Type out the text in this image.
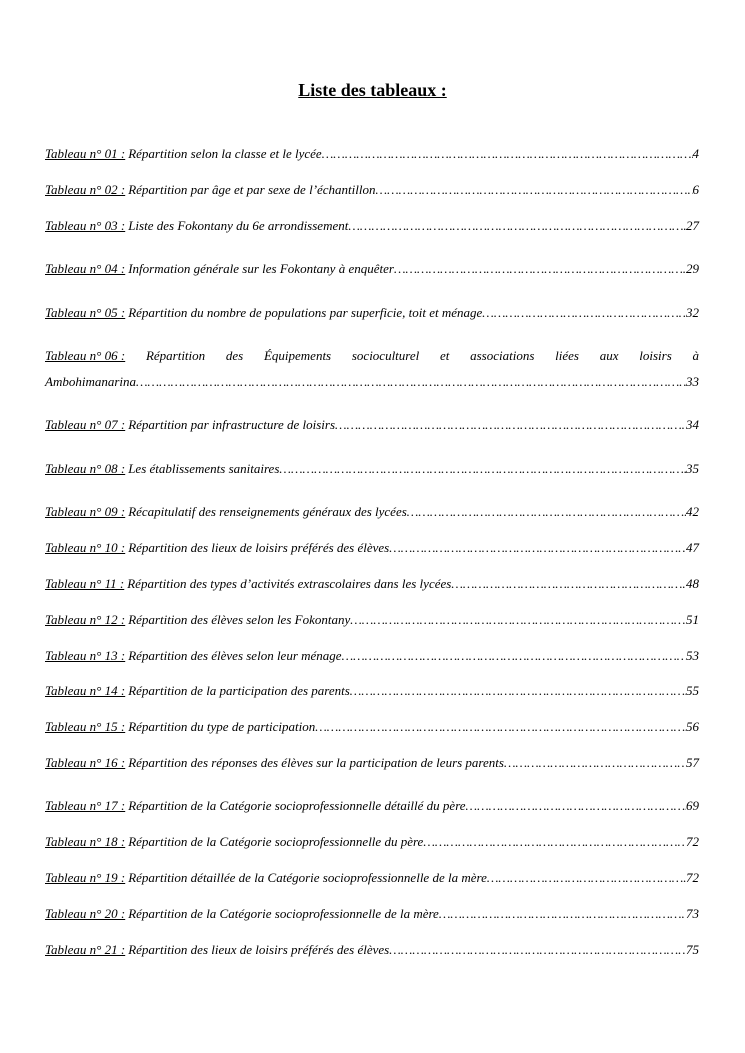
Liste des tableaux :
Tableau n° 01 : Répartition selon la classe et le lycée ……………………………………………………………………………………………………………………………………………………………………………………………………………………	4
Tableau n° 02 : Répartition par âge et par sexe de l’échantillon ……………………………………………………………………………………………………………………………………………………………………………………………………………………	6
Tableau n° 03 : Liste des Fokontany du 6e arrondissement ……………………………………………………………………………………………………………………………………………………………………………………………………………………	27
Tableau n° 04 : Information générale sur les Fokontany à enquêter ……………………………………………………………………………………………………………………………………………………………………………………………………………………	29
Tableau n° 05 : Répartition du nombre de populations par superficie, toit et ménage ……………………………………………………………………………………………………………………………………………………………………………………………………………………	32
Tableau n° 06 : Répartition des Équipements socioculturel et associations liées aux loisirs à
Ambohimanarina ……………………………………………………………………………………………………………………………………………………………………………………………………………………	33
Tableau n° 07 : Répartition par infrastructure de loisirs ……………………………………………………………………………………………………………………………………………………………………………………………………………………	34
Tableau n° 08 : Les établissements sanitaires ……………………………………………………………………………………………………………………………………………………………………………………………………………………	35
Tableau n° 09 : Récapitulatif des renseignements généraux des lycées ……………………………………………………………………………………………………………………………………………………………………………………………………………………	42
Tableau n° 10 : Répartition des lieux de loisirs préférés des élèves ……………………………………………………………………………………………………………………………………………………………………………………………………………………	47
Tableau n° 11 : Répartition des types d’activités extrascolaires dans les lycées ……………………………………………………………………………………………………………………………………………………………………………………………………………………	48
Tableau n° 12 : Répartition des élèves selon les Fokontany ……………………………………………………………………………………………………………………………………………………………………………………………………………………	51
Tableau n° 13 : Répartition des élèves selon leur ménage ……………………………………………………………………………………………………………………………………………………………………………………………………………………	53
Tableau n° 14 : Répartition de la participation des parents ……………………………………………………………………………………………………………………………………………………………………………………………………………………	55
Tableau n° 15 : Répartition du type de participation ……………………………………………………………………………………………………………………………………………………………………………………………………………………	56
Tableau n° 16 : Répartition des réponses des élèves sur la participation de leurs parents ……………………………………………………………………………………………………………………………………………………………………………………………………………………	57
Tableau n° 17 : Répartition de la Catégorie socioprofessionnelle détaillé du père ……………………………………………………………………………………………………………………………………………………………………………………………………………………	69
Tableau n° 18 : Répartition de la Catégorie socioprofessionnelle du père ……………………………………………………………………………………………………………………………………………………………………………………………………………………	72
Tableau n° 19 : Répartition détaillée de la Catégorie socioprofessionnelle de la mère ……………………………………………………………………………………………………………………………………………………………………………………………………………………	72
Tableau n° 20 : Répartition de la Catégorie socioprofessionnelle de la mère ……………………………………………………………………………………………………………………………………………………………………………………………………………………	73
Tableau n° 21 : Répartition des lieux de loisirs préférés des élèves ……………………………………………………………………………………………………………………………………………………………………………………………………………………	75
